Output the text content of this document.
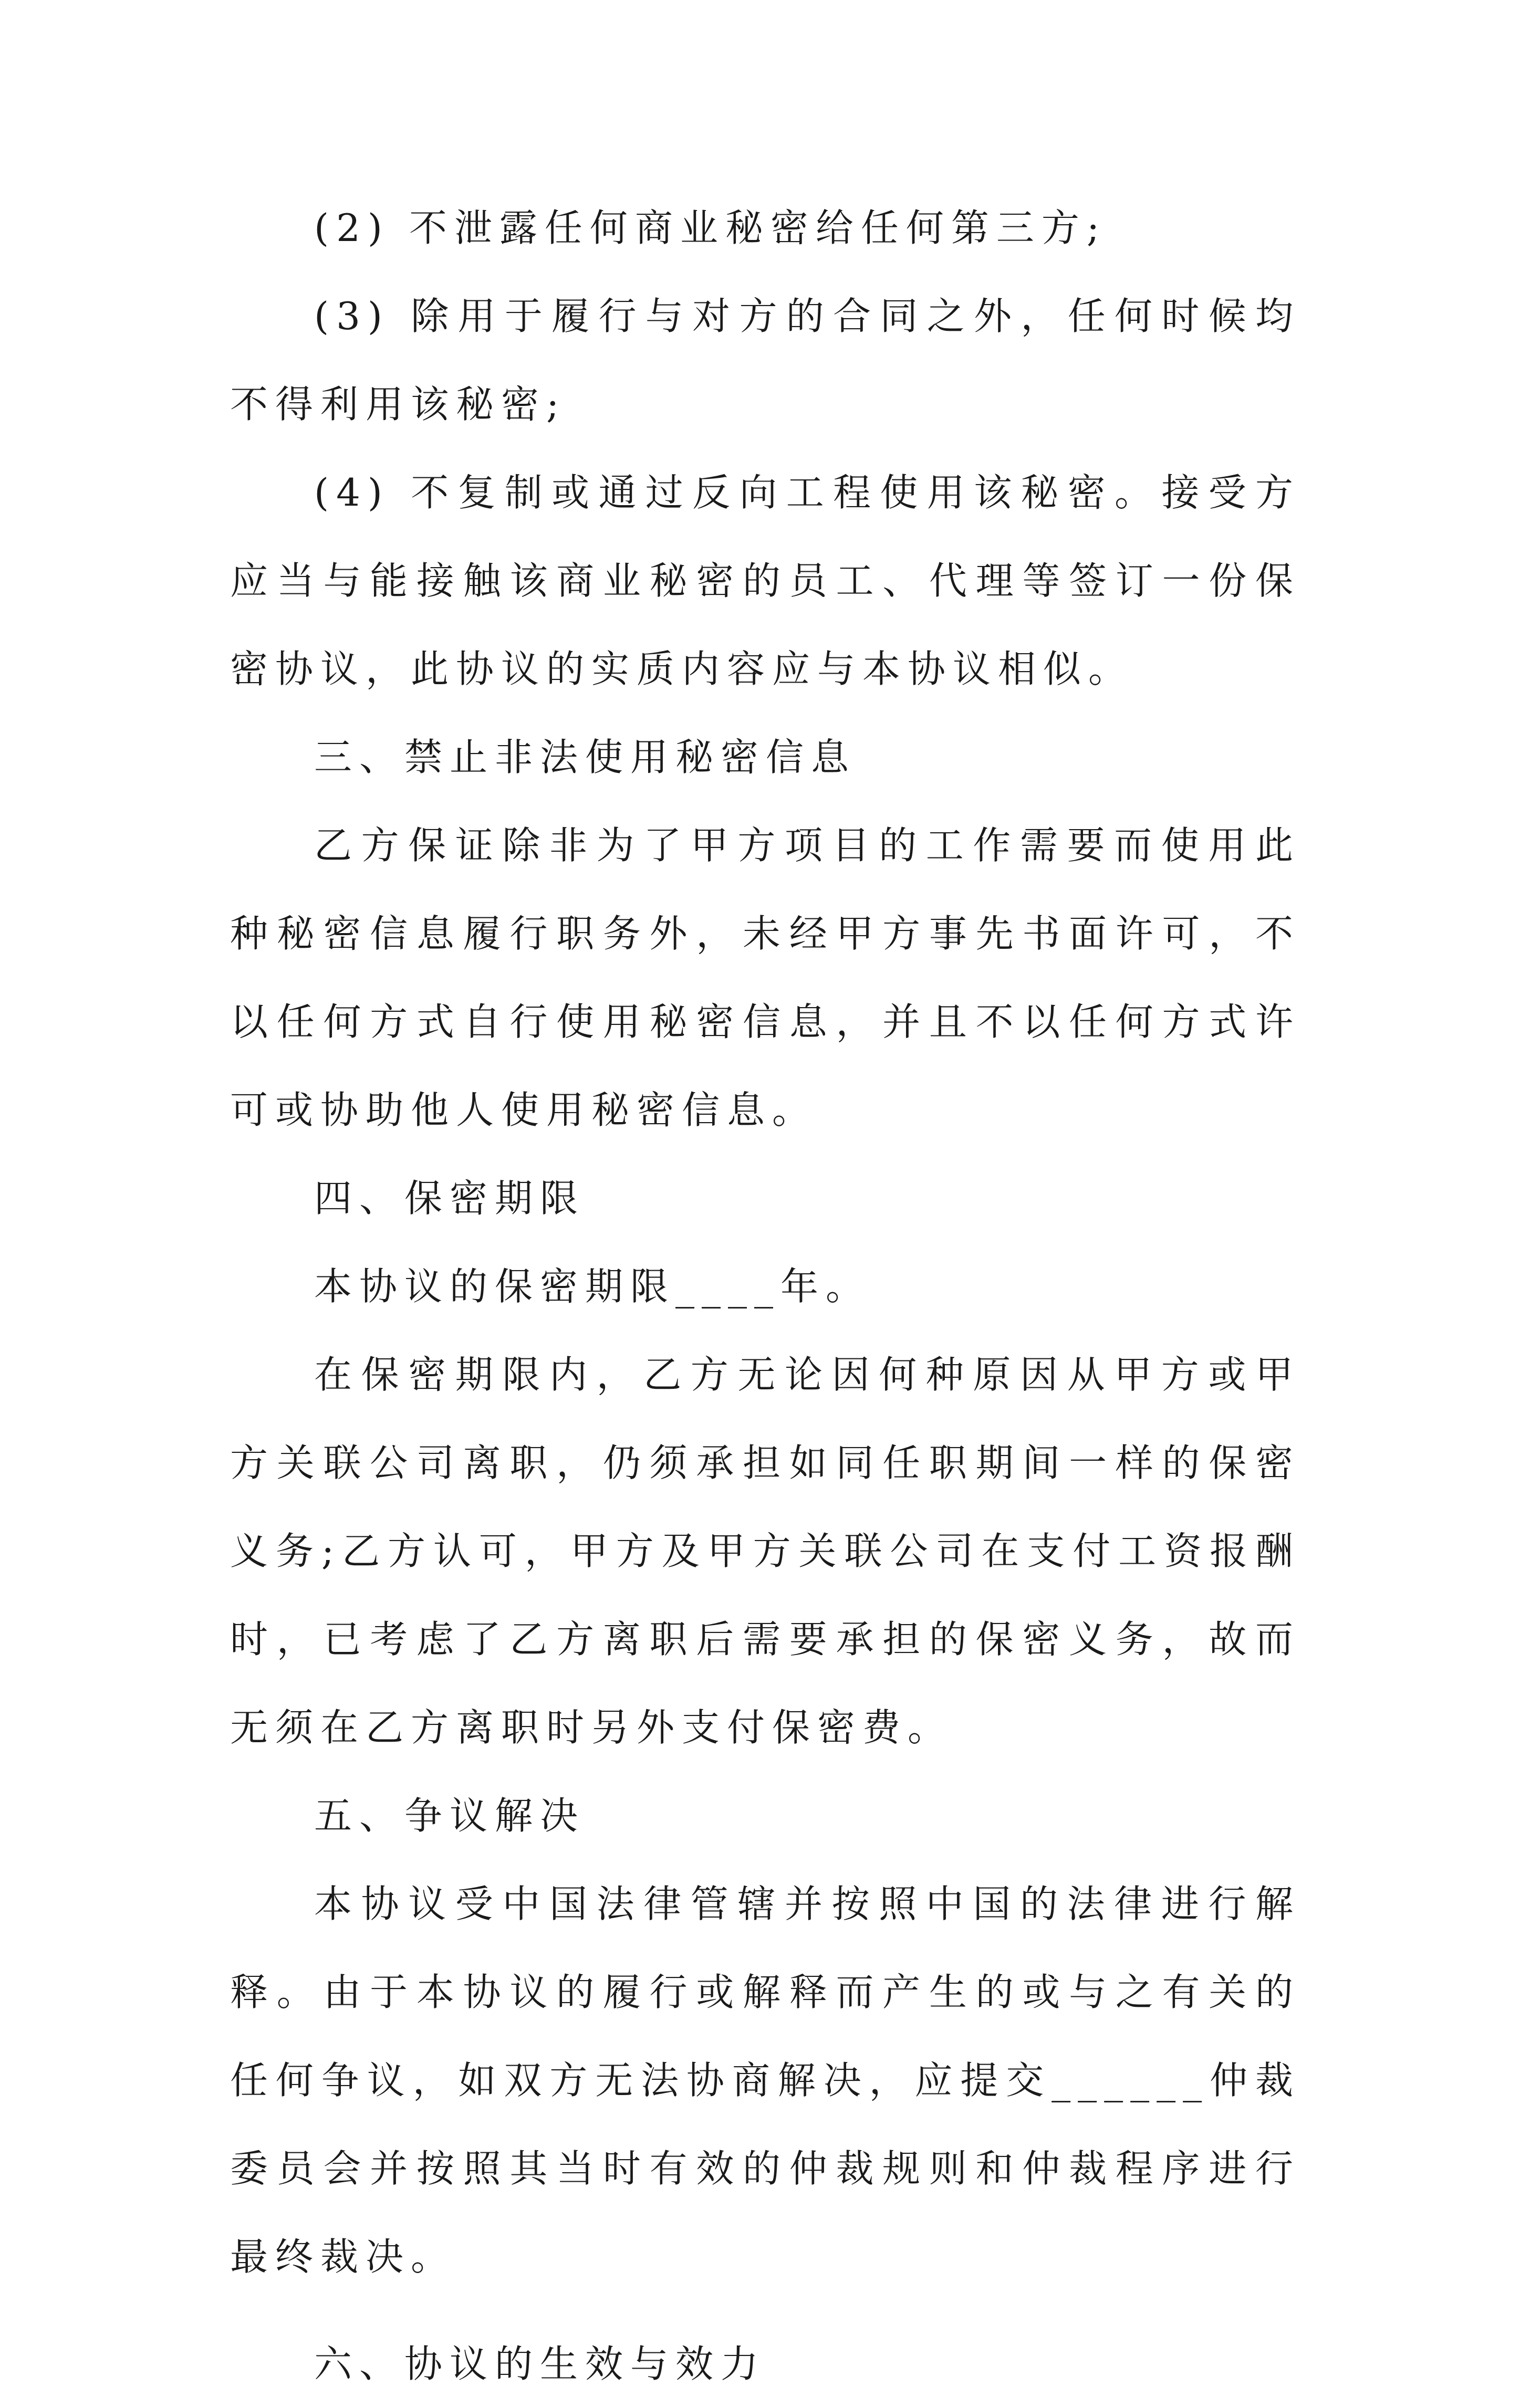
(2) 不泄露任何商业秘密给任何第三方;

(3) 除用于履行与对方的合同之外，任何时候均不得利用该秘密;

(4) 不复制或通过反向工程使用该秘密。接受方应当与能接触该商业秘密的员工、代理等签订一份保密协议，此协议的实质内容应与本协议相似。

三、禁止非法使用秘密信息

乙方保证除非为了甲方项目的工作需要而使用此种秘密信息履行职务外，未经甲方事先书面许可，不以任何方式自行使用秘密信息，并且不以任何方式许可或协助他人使用秘密信息。

四、保密期限

本协议的保密期限____年。

在保密期限内，乙方无论因何种原因从甲方或甲方关联公司离职，仍须承担如同任职期间一样的保密义务;乙方认可，甲方及甲方关联公司在支付工资报酬时，已考虑了乙方离职后需要承担的保密义务，故而无须在乙方离职时另外支付保密费。

五、争议解决

本协议受中国法律管辖并按照中国的法律进行解释。由于本协议的履行或解释而产生的或与之有关的任何争议，如双方无法协商解决，应提交______仲裁委员会并按照其当时有效的仲裁规则和仲裁程序进行最终裁决。

六、协议的生效与效力
